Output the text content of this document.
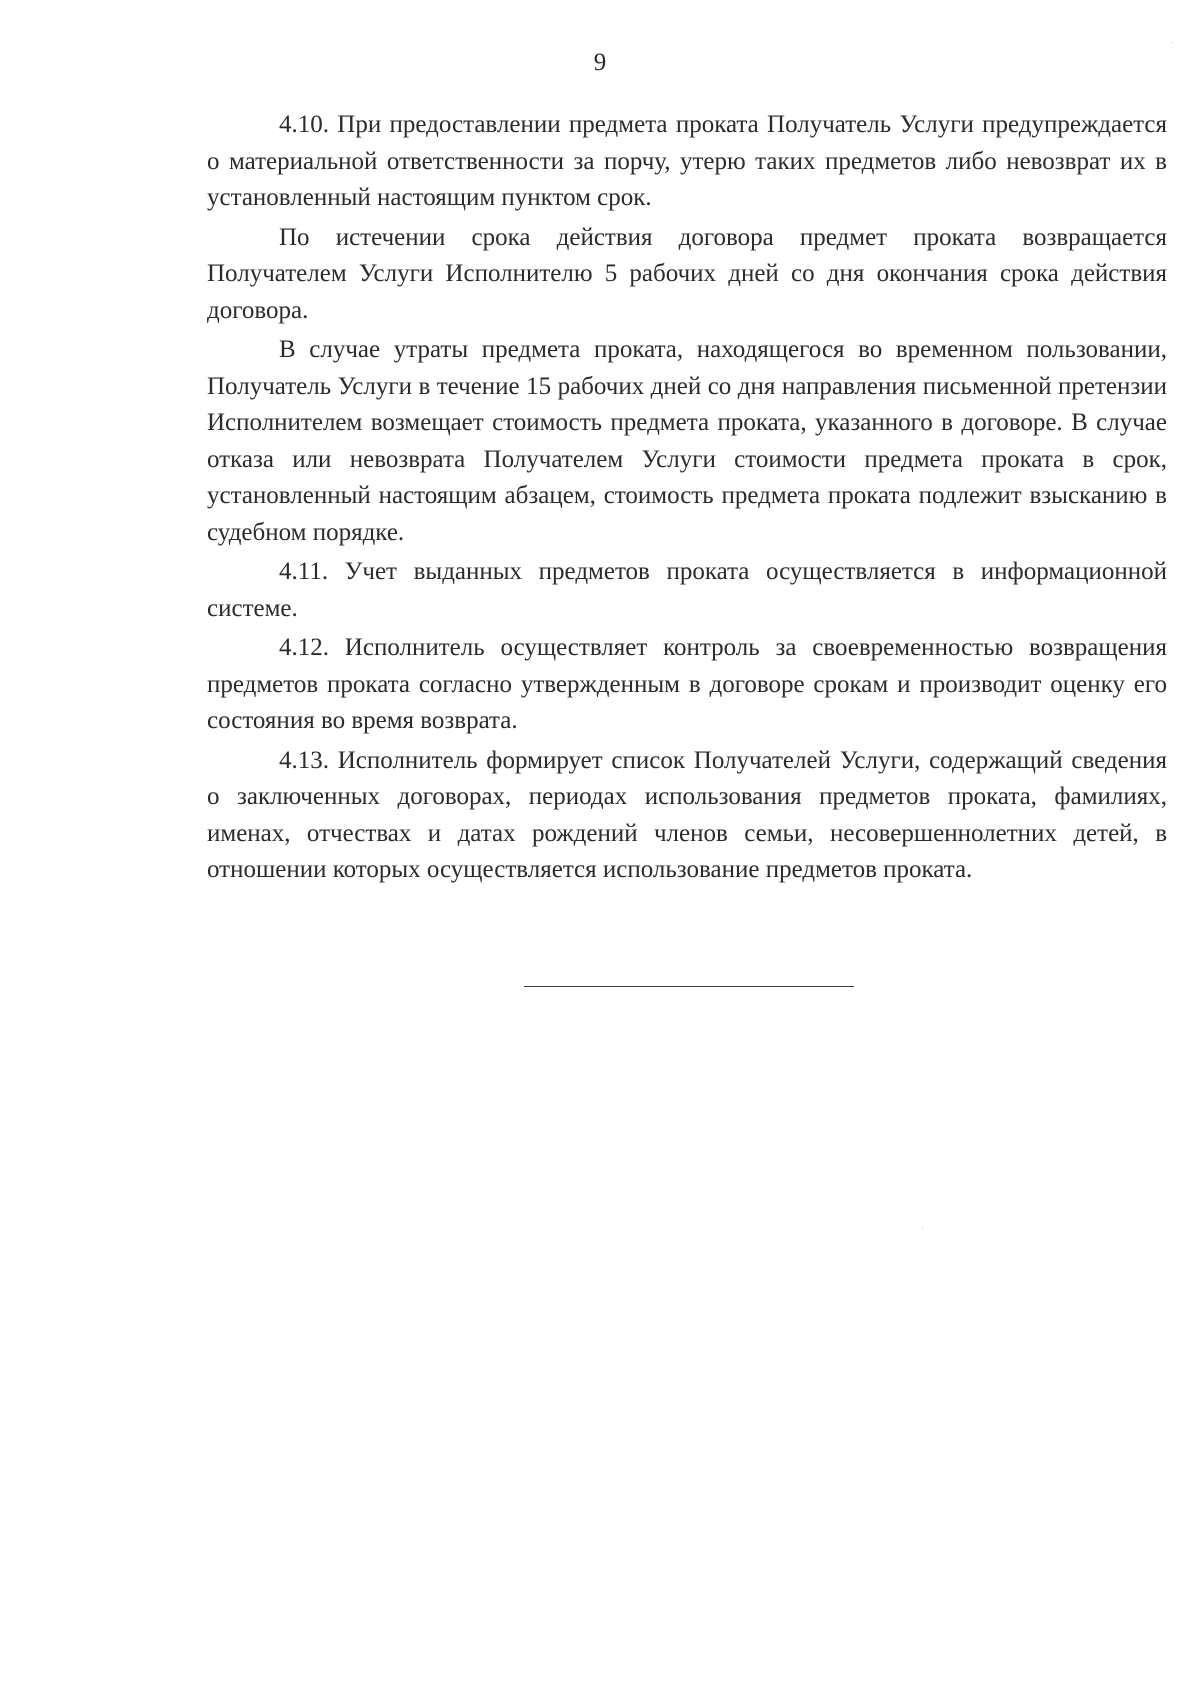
9

4.10. При предоставлении предмета проката Получатель Услуги предупреждается о материальной ответственности за порчу, утерю таких предметов либо невозврат их в установленный настоящим пунктом срок.

По истечении срока действия договора предмет проката возвращается Получателем Услуги Исполнителю 5 рабочих дней со дня окончания срока действия договора.

В случае утраты предмета проката, находящегося во временном пользовании, Получатель Услуги в течение 15 рабочих дней со дня направления письменной претензии Исполнителем возмещает стоимость предмета проката, указанного в договоре. В случае отказа или невозврата Получателем Услуги стоимости предмета проката в срок, установленный настоящим абзацем, стоимость предмета проката подлежит взысканию в судебном порядке.

4.11. Учет выданных предметов проката осуществляется в информационной системе.

4.12. Исполнитель осуществляет контроль за своевременностью возвращения предметов проката согласно утвержденным в договоре срокам и производит оценку его состояния во время возврата.

4.13. Исполнитель формирует список Получателей Услуги, содержащий сведения о заключенных договорах, периодах использования предметов проката, фамилиях, именах, отчествах и датах рождений членов семьи, несовершеннолетних детей, в отношении которых осуществляется использование предметов проката.
